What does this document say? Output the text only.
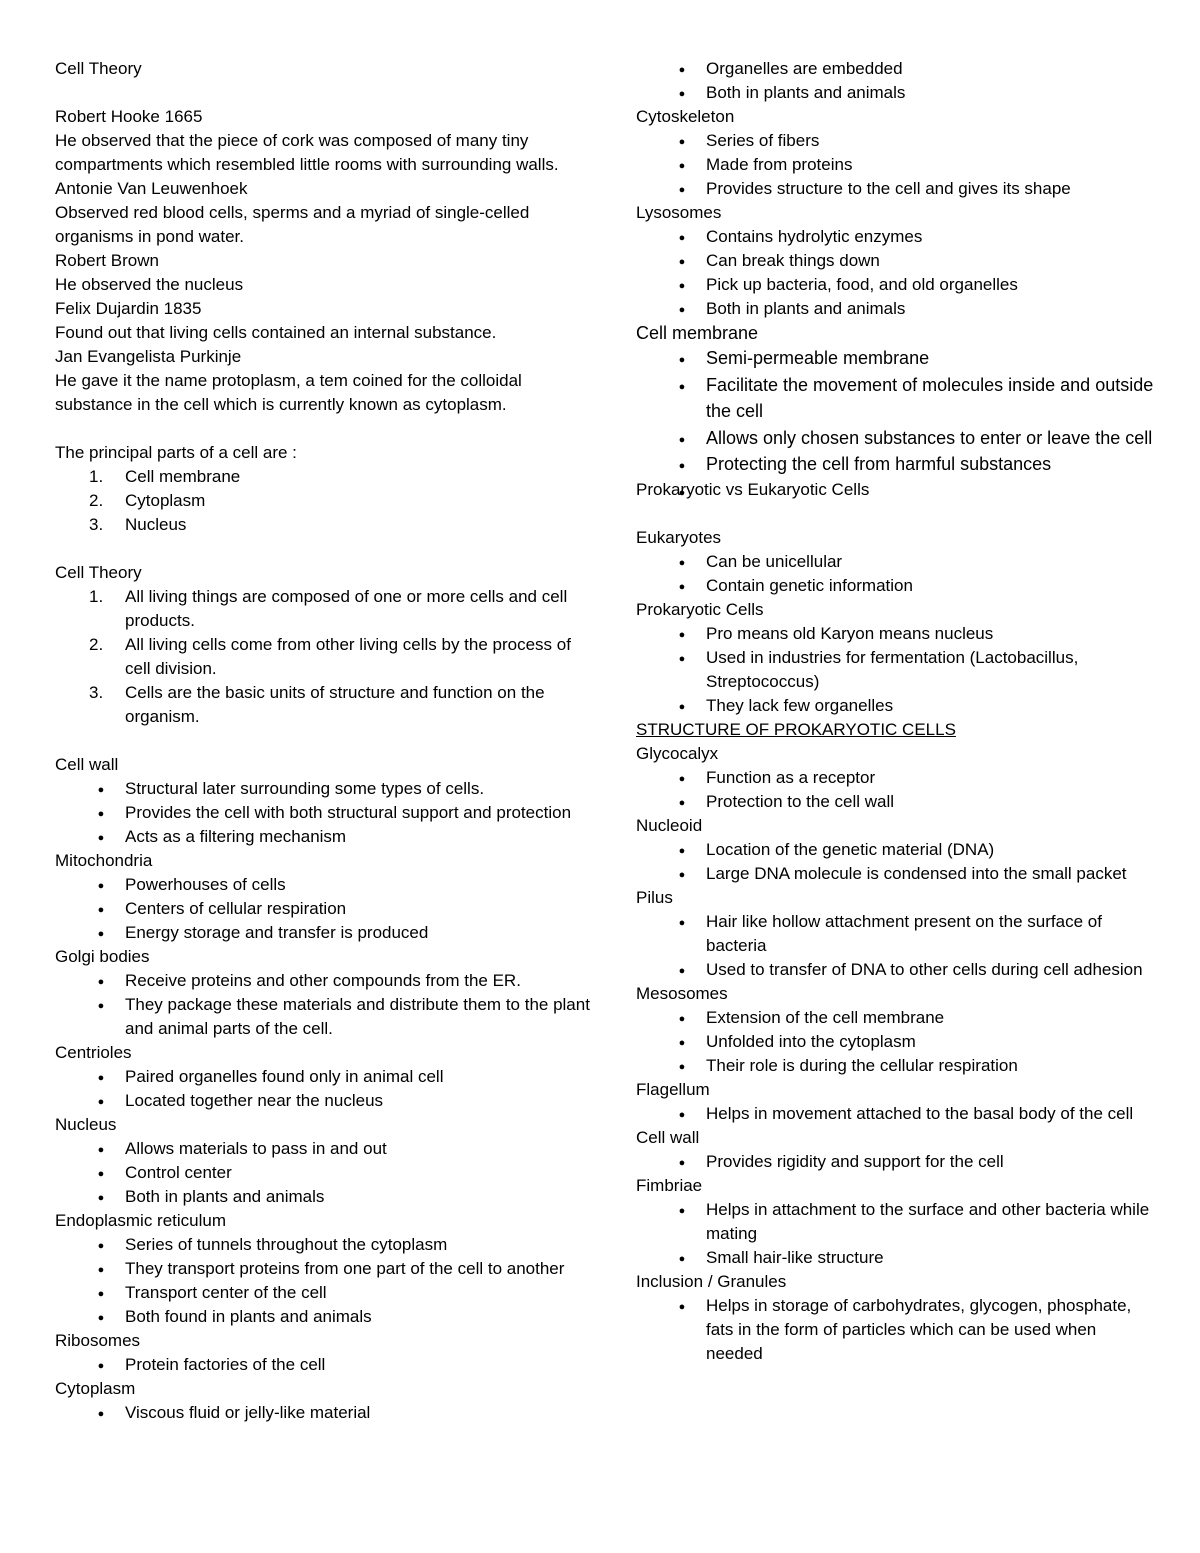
Cell Theory

Robert Hooke 1665

He observed that the piece of cork was composed of many tiny compartments which resembled little rooms with surrounding walls.

Antonie Van Leuwenhoek

Observed red blood cells, sperms and a myriad of single-celled organisms in pond water.

Robert Brown

He observed the nucleus

Felix Dujardin 1835

Found out that living cells contained an internal substance.

Jan Evangelista Purkinje

He gave it the name protoplasm, a tem coined for the colloidal substance in the cell which is currently known as cytoplasm.

The principal parts of a cell are :

1.	Cell membrane
2.	Cytoplasm
3.	Nucleus

Cell Theory

1.	All living things are composed of one or more cells and cell products.
2.	All living cells come from other living cells by the process of cell division.
3.	Cells are the basic units of structure and function on the organism.

Cell wall

●
Structural later surrounding some types of cells.
●
Provides the cell with both structural support and protection
●
Acts as a filtering mechanism

Mitochondria

●
Powerhouses of cells
●
Centers of cellular respiration
●
Energy storage and transfer is produced

Golgi bodies

●
Receive proteins and other compounds from the ER.
●
They package these materials and distribute them to the plant and animal parts of the cell.

Centrioles

●
Paired organelles found only in animal cell
●
Located together near the nucleus

Nucleus

●
Allows materials to pass in and out
●
Control center
●
Both in plants and animals

Endoplasmic reticulum

●
Series of tunnels throughout the cytoplasm
●
They transport proteins from one part of the cell to another
●
Transport center of the cell
●
Both found in plants and animals

Ribosomes

●
Protein factories of the cell

Cytoplasm

●
Viscous fluid or jelly-like material
●
Organelles are embedded
●
Both in plants and animals

Cytoskeleton

●
Series of fibers
●
Made from proteins
●
Provides structure to the cell and gives its shape

Lysosomes

●
Contains hydrolytic enzymes
●
Can break things down
●
Pick up bacteria, food, and old organelles
●
Both in plants and animals

Cell membrane

●
Semi-permeable membrane
●
Facilitate the movement of molecules inside and outside the cell
●
Allows only chosen substances to enter or leave the cell
●
Protecting the cell from harmful substances
●

Prokaryotic vs Eukaryotic Cells

Eukaryotes

●
Can be unicellular
●
Contain genetic information

Prokaryotic Cells

●
Pro means old Karyon means nucleus
●
Used in industries for fermentation (Lactobacillus, Streptococcus)
●
They lack few organelles

STRUCTURE OF PROKARYOTIC CELLS

Glycocalyx

●
Function as a receptor
●
Protection to the cell wall

Nucleoid

●
Location of the genetic material (DNA)
●
Large DNA molecule is condensed into the small packet

Pilus

●
Hair like hollow attachment present on the surface of bacteria
●
Used to transfer of DNA to other cells during cell adhesion

Mesosomes

●
Extension of the cell membrane
●
Unfolded into the cytoplasm
●
Their role is during the cellular respiration

Flagellum

●
Helps in movement attached to the basal body of the cell

Cell wall

●
Provides rigidity and support for the cell

Fimbriae

●
Helps in attachment to the surface and other bacteria while mating
●
Small hair-like structure

Inclusion / Granules

●
Helps in storage of carbohydrates, glycogen, phosphate, fats in the form of particles which can be used when needed
